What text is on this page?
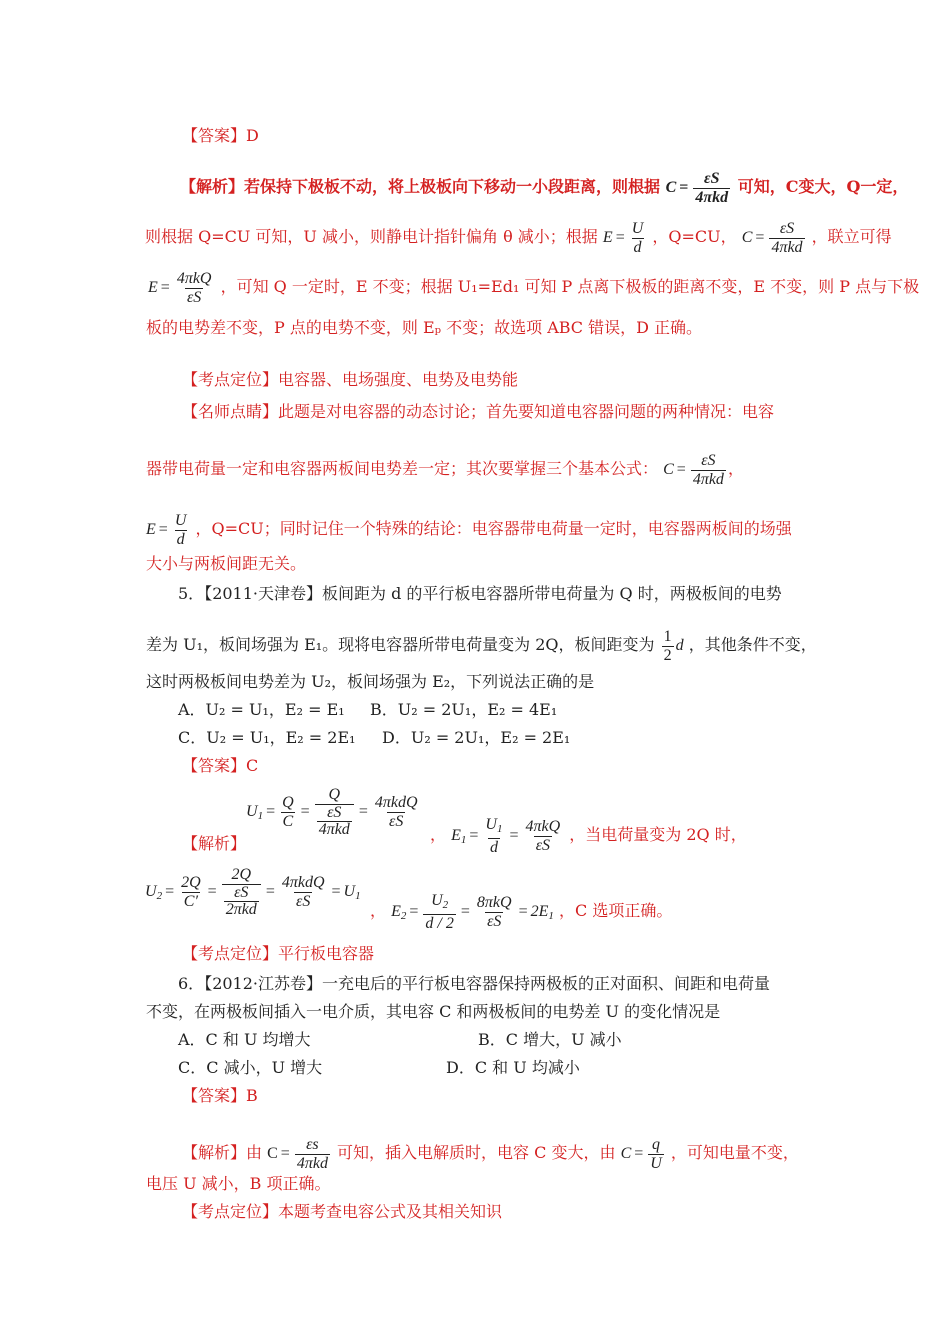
【答案】D
【解析】若保持下极板不动，将上极板向下移动一小段距离，则根据 C =
εS
4πkd
可知，C变大，Q一定，
则根据 Q=CU 可知，U 减小，则静电计指针偏角 θ 减小；根据 $E = \frac{U}{d}$ ，Q=CU， C =
εS
4πkd
，联立可得
E =
4πkQ
εS
，可知 Q 一定时，E 不变；根据 U₁=Ed₁ 可知 P 点离下极板的距离不变，E 不变，则 P 点与下极
板的电势差不变，P 点的电势不变，则 Eₚ 不变；故选项 ABC 错误，D 正确。
【考点定位】电容器、电场强度、电势及电势能
【名师点睛】此题是对电容器的动态讨论；首先要知道电容器问题的两种情况：电容
器带电荷量一定和电容器两板间电势差一定；其次要掌握三个基本公式： C =
εS
4πkd
，
$E = \frac{U}{d}$ ，Q=CU；同时记住一个特殊的结论：电容器带电荷量一定时，电容器两板间的场强
大小与两板间距无关。
5．【2011·天津卷】板间距为 d 的平行板电容器所带电荷量为 Q 时，两极板间的电势
差为 U₁，板间场强为 E₁。现将电容器所带电荷量变为 2Q，板间距变为 $\frac{1}{2}$ d ，其他条件不变，
这时两极板间电势差为 U₂，板间场强为 E₂，下列说法正确的是
A．U₂ = U₁，E₂ = E₁ B．U₂ = 2U₁，E₂ = 4E₁
C．U₂ = U₁，E₂ = 2E₁ D．U₂ = 2U₁，E₂ = 2E₁
【答案】C
$U_1 = \frac{Q}{C}$ =
Q
εS
4πkd
=
4πkdQ
εS
【解析】	， $E_1 = \frac{U_1}{d}$ =
4πkQ
εS
，当电荷量变为 2Q 时，
$U_2 = \frac{2Q}{C'}$ =
2Q
εS
2πkd
=
4πkdQ
εS
= $U_1$
， $E_2 = \frac{U_2}{d / 2}$ =
8πkQ
εS
= $2E_1$ ，C 选项正确。
【考点定位】平行板电容器
6．【2012·江苏卷】一充电后的平行板电容器保持两极板的正对面积、间距和电荷量
不变，在两极板间插入一电介质，其电容 C 和两极板间的电势差 U 的变化情况是
A．C 和 U 均增大	B．C 增大，U 减小
C．C 减小，U 增大	D．C 和 U 均减小
【答案】B
【解析】由 C =
εs
4πkd
可知，插入电解质时，电容 C 变大，由 $C = \frac{q}{U}$ ，可知电量不变，
电压 U 减小，B 项正确。
【考点定位】本题考查电容公式及其相关知识
